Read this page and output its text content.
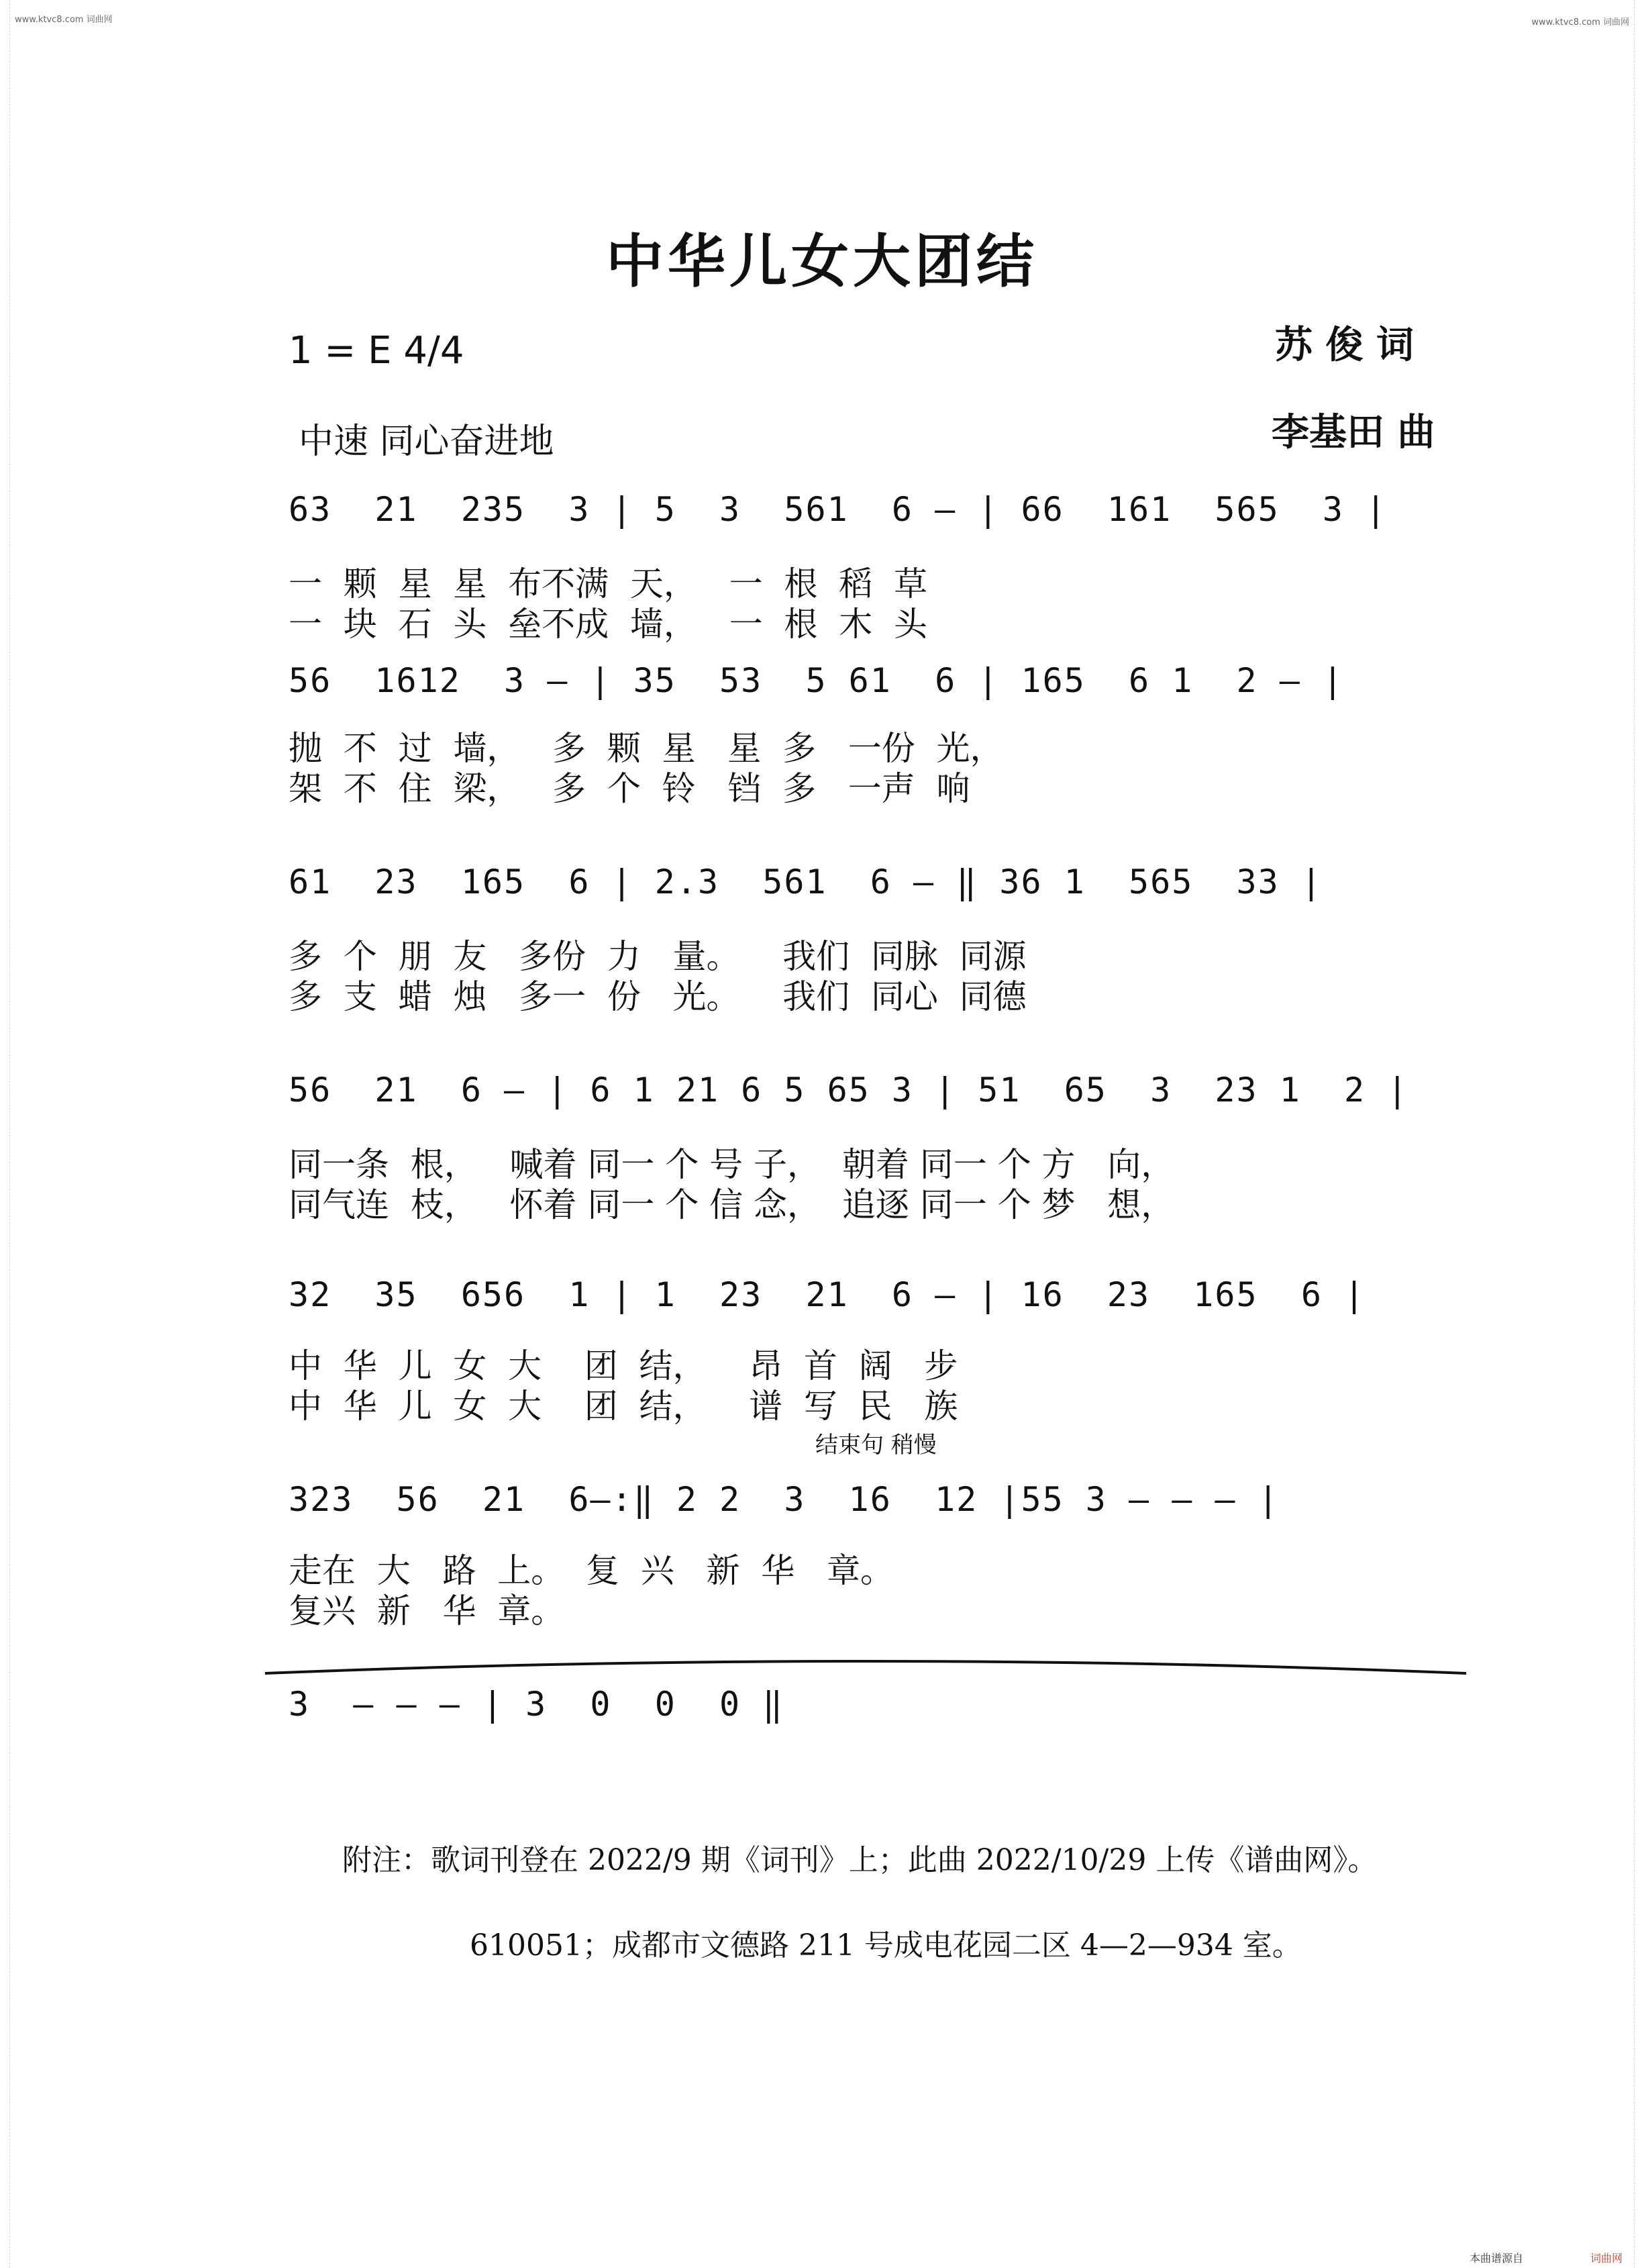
www.ktvc8.com 词曲网	www.ktvc8.com 词曲网
中华儿女大团结
1 = E 4/4	苏 俊 词
中速 同心奋进地	李基田 曲
63  21  235  3 | 5  3  561  6 — | 66  161  565  3 |
一  颗  星  星  布不满  天，   一  根  稻  草
一  块  石  头  垒不成  墙，   一  根  木  头
56  1612  3 — | 35  53  5 61  6 | 165  6 1  2 — |
抛  不  过  墙，   多  颗  星   星  多   一份  光，
架  不  住  梁，   多  个  铃   铛  多   一声  响
61  23  165  6 | 2.3  561  6 — ‖ 36 1  565  33 |
多  个  朋  友   多份  力   量。    我们  同脉  同源
多  支  蜡  烛   多一  份   光。    我们  同心  同德
56  21  6 — | 6 1 21 6 5 65 3 | 51  65  3  23 1  2 |
同一条  根，   喊着 同一 个 号 子，  朝着 同一 个 方   向，
同气连  枝，   怀着 同一 个 信 念，  追逐 同一 个 梦   想，
32  35  656  1 | 1  23  21  6 — | 16  23  165  6 |
中  华  儿  女  大    团  结，    昂  首  阔   步
中  华  儿  女  大    团  结，    谱  写  民   族
结束句 稍慢
323  56  21  6—:‖ 2 2  3  16  12 |55 3 — — — |
走在  大   路  上。  复  兴   新  华   章。
复兴  新   华  章。
3  — — — | 3  0  0  0 ‖
附注：歌词刊登在 2022/9 期《词刊》上；此曲 2022/10/29 上传《谱曲网》。
610051；成都市文德路 211 号成电花园二区 4—2—934 室。
本曲谱源自	词曲网
